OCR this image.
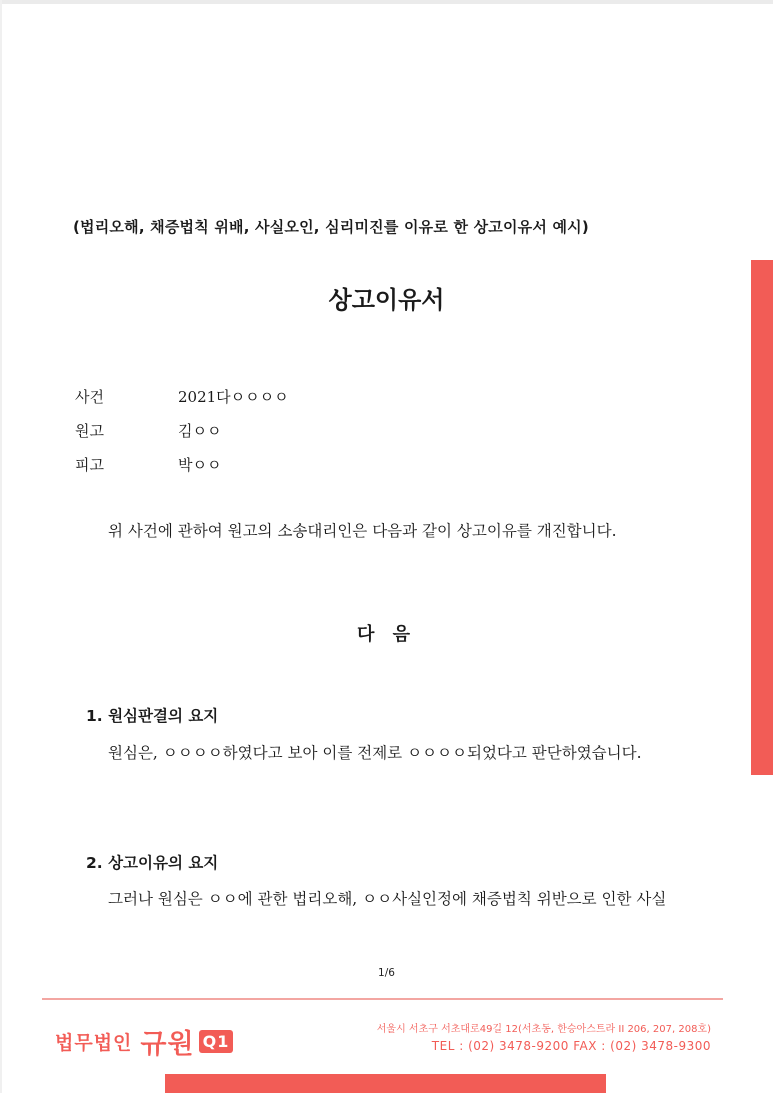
(법리오해, 채증법칙 위배, 사실오인, 심리미진를 이유로 한 상고이유서 예시)
상고이유서
사건	2021다ㅇㅇㅇㅇ
원고	김ㅇㅇ
피고	박ㅇㅇ
위 사건에 관하여 원고의 소송대리인은 다음과 같이 상고이유를 개진합니다.
다 음
1. 원심판결의 요지
원심은, ㅇㅇㅇㅇ하였다고 보아 이를 전제로 ㅇㅇㅇㅇ되었다고 판단하였습니다.
2. 상고이유의 요지
그러나 원심은 ㅇㅇ에 관한 법리오해, ㅇㅇ사실인정에 채증법칙 위반으로 인한 사실
1/6
법무법인 규원 Q1
서울시 서초구 서초대로49길 12(서초동, 한승아스트라 II 206, 207, 208호)
TEL : (02) 3478-9200 FAX : (02) 3478-9300
